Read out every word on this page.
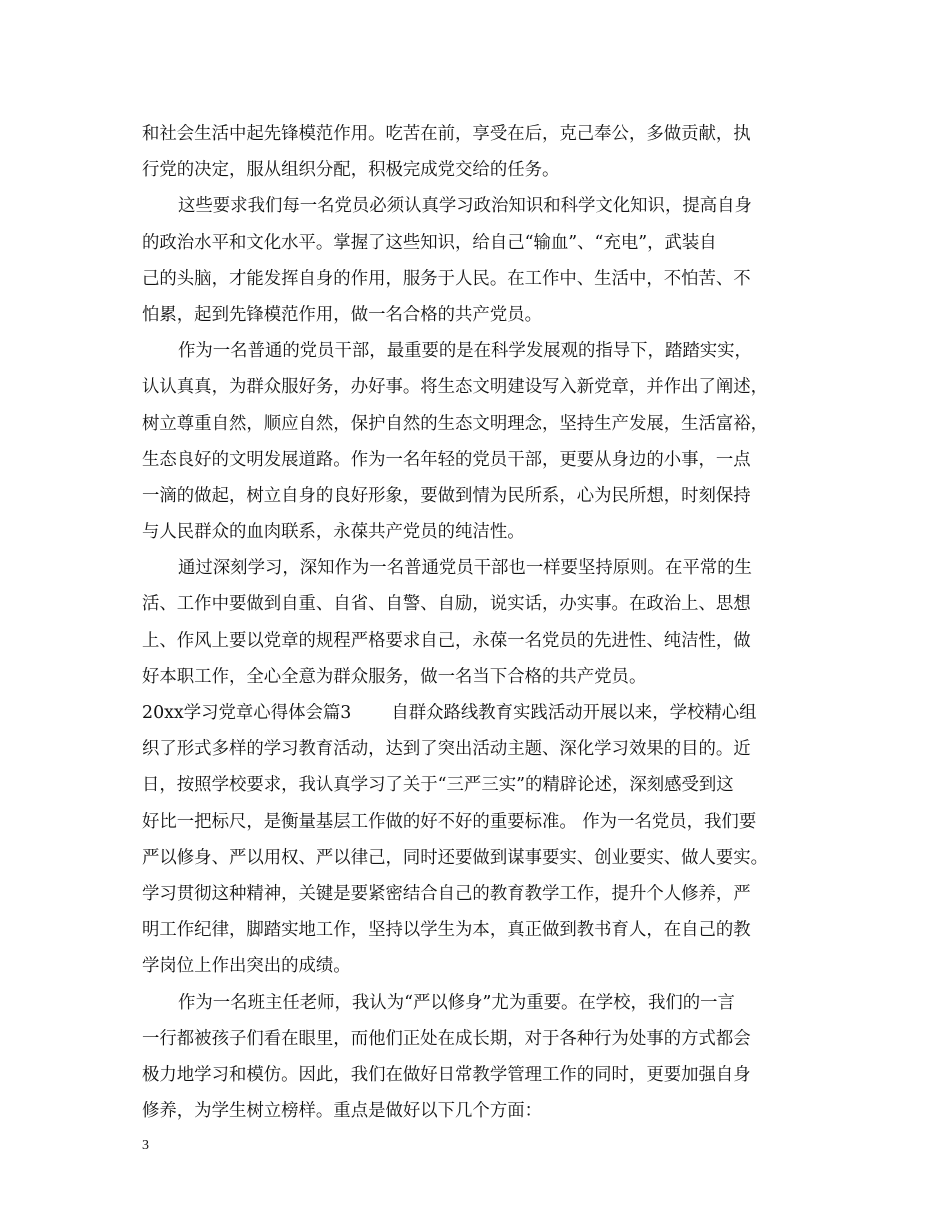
和社会生活中起先锋模范作用。吃苦在前，享受在后，克己奉公，多做贡献，执
行党的决定，服从组织分配，积极完成党交给的任务。
这些要求我们每一名党员必须认真学习政治知识和科学文化知识，提高自身
的政治水平和文化水平。掌握了这些知识，给自己“输血”、“充电”，武装自
己的头脑，才能发挥自身的作用，服务于人民。在工作中、生活中，不怕苦、不
怕累，起到先锋模范作用，做一名合格的共产党员。
作为一名普通的党员干部，最重要的是在科学发展观的指导下，踏踏实实，
认认真真，为群众服好务，办好事。将生态文明建设写入新党章，并作出了阐述，
树立尊重自然，顺应自然，保护自然的生态文明理念，坚持生产发展，生活富裕，
生态良好的文明发展道路。作为一名年轻的党员干部，更要从身边的小事，一点
一滴的做起，树立自身的良好形象，要做到情为民所系，心为民所想，时刻保持
与人民群众的血肉联系，永葆共产党员的纯洁性。
通过深刻学习，深知作为一名普通党员干部也一样要坚持原则。在平常的生
活、工作中要做到自重、自省、自警、自励，说实话，办实事。在政治上、思想
上、作风上要以党章的规程严格要求自己，永葆一名党员的先进性、纯洁性，做
好本职工作，全心全意为群众服务，做一名当下合格的共产党员。
20xx学习党章心得体会篇3 自群众路线教育实践活动开展以来，学校精心组
织了形式多样的学习教育活动，达到了突出活动主题、深化学习效果的目的。近
日，按照学校要求，我认真学习了关于“三严三实”的精辟论述，深刻感受到这
好比一把标尺，是衡量基层工作做的好不好的重要标准。 作为一名党员，我们要
严以修身、严以用权、严以律己，同时还要做到谋事要实、创业要实、做人要实。
学习贯彻这种精神，关键是要紧密结合自己的教育教学工作，提升个人修养，严
明工作纪律，脚踏实地工作，坚持以学生为本，真正做到教书育人，在自己的教
学岗位上作出突出的成绩。
作为一名班主任老师，我认为“严以修身”尤为重要。在学校，我们的一言
一行都被孩子们看在眼里，而他们正处在成长期，对于各种行为处事的方式都会
极力地学习和模仿。因此，我们在做好日常教学管理工作的同时，更要加强自身
修养，为学生树立榜样。重点是做好以下几个方面：
3
